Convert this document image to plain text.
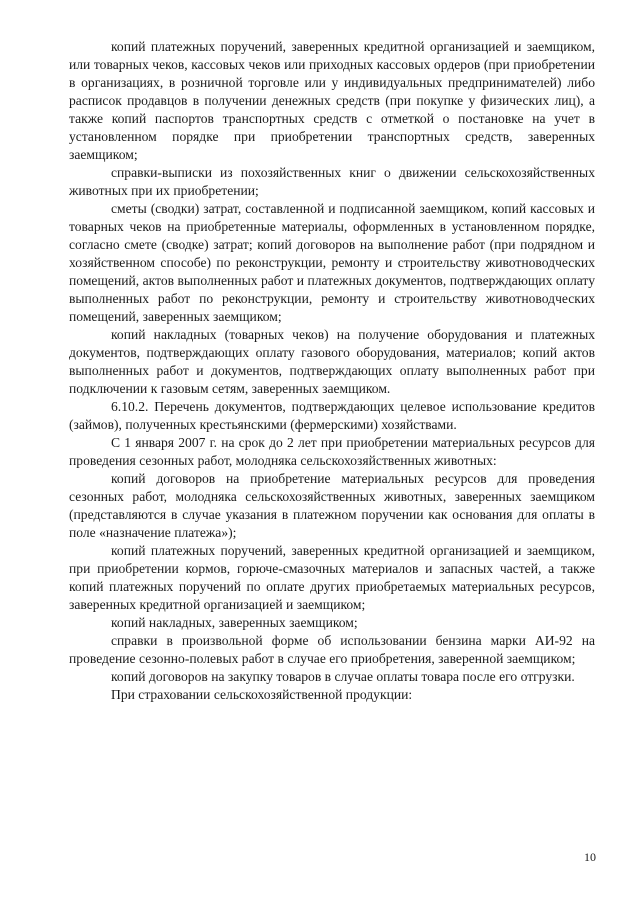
копий платежных поручений, заверенных кредитной организацией и заемщиком, или товарных чеков, кассовых чеков или приходных кассовых ордеров (при приобретении в организациях, в розничной торговле или у индивидуальных предпринимателей) либо расписок продавцов в получении денежных средств (при покупке у физических лиц), а также копий паспортов транспортных средств с отметкой о постановке на учет в установленном порядке при приобретении транспортных средств, заверенных заемщиком;

справки-выписки из похозяйственных книг о движении сельскохозяйственных животных при их приобретении;

сметы (сводки) затрат, составленной и подписанной заемщиком, копий кассовых и товарных чеков на приобретенные материалы, оформленных в установленном порядке, согласно смете (сводке) затрат; копий договоров на выполнение работ (при подрядном и хозяйственном способе) по реконструкции, ремонту и строительству животноводческих помещений, актов выполненных работ и платежных документов, подтверждающих оплату выполненных работ по реконструкции, ремонту и строительству животноводческих помещений, заверенных заемщиком;

копий накладных (товарных чеков) на получение оборудования и платежных документов, подтверждающих оплату газового оборудования, материалов; копий актов выполненных работ и документов, подтверждающих оплату выполненных работ при подключении к газовым сетям, заверенных заемщиком.

6.10.2. Перечень документов, подтверждающих целевое использование кредитов (займов), полученных крестьянскими (фермерскими) хозяйствами.

С 1 января 2007 г. на срок до 2 лет при приобретении материальных ресурсов для проведения сезонных работ, молодняка сельскохозяйственных животных:

копий договоров на приобретение материальных ресурсов для проведения сезонных работ, молодняка сельскохозяйственных животных, заверенных заемщиком (представляются в случае указания в платежном поручении как основания для оплаты в поле «назначение платежа»);

копий платежных поручений, заверенных кредитной организацией и заемщиком, при приобретении кормов, горюче-смазочных материалов и запасных частей, а также копий платежных поручений по оплате других приобретаемых материальных ресурсов, заверенных кредитной организацией и заемщиком;

копий накладных, заверенных заемщиком;

справки в произвольной форме об использовании бензина марки АИ-92 на проведение сезонно-полевых работ в случае его приобретения, заверенной заемщиком;

копий договоров на закупку товаров в случае оплаты товара после его отгрузки.

При страховании сельскохозяйственной продукции:

10
